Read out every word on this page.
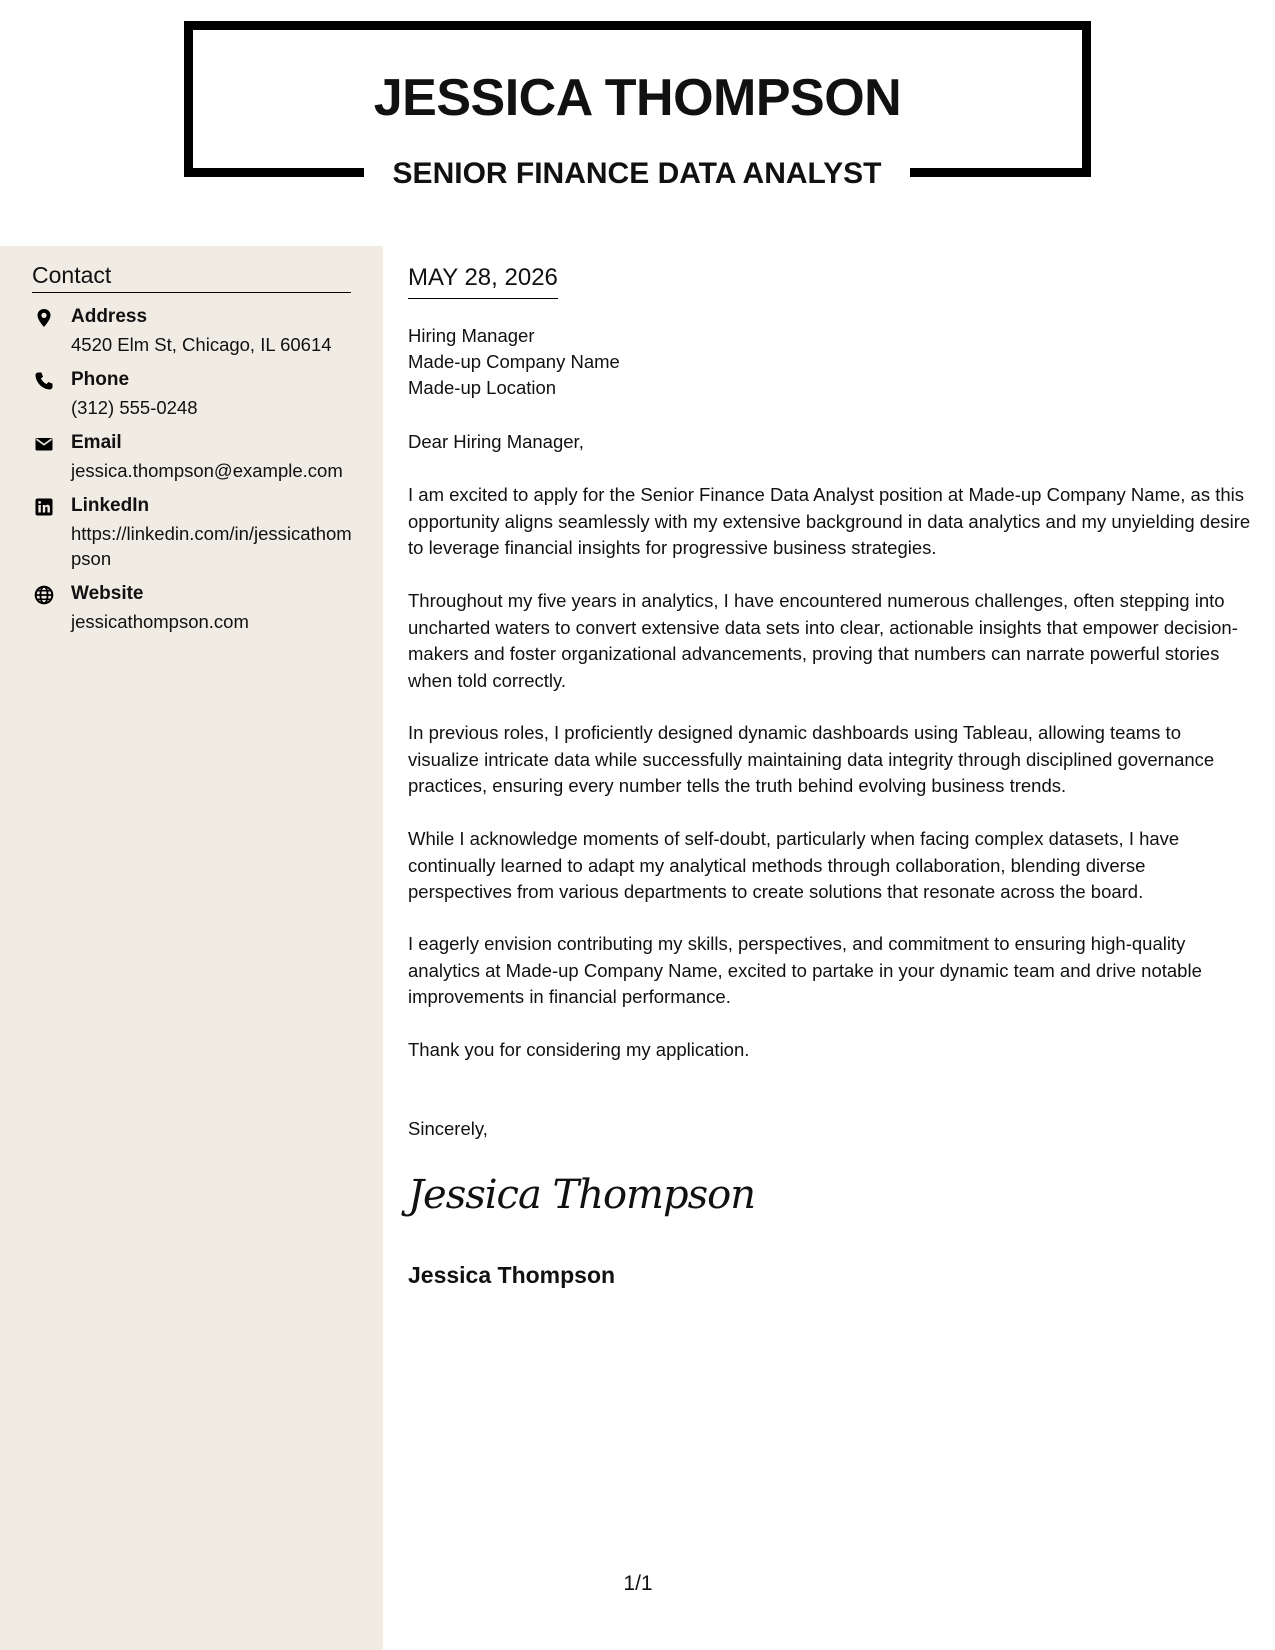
JESSICA THOMPSON
SENIOR FINANCE DATA ANALYST
Contact
Address
4520 Elm St, Chicago, IL 60614
Phone
(312) 555-0248
Email
jessica.thompson@example.com
LinkedIn
https://linkedin.com/in/jessicathompson
Website
jessicathompson.com
MAY 28, 2026
Hiring Manager
Made-up Company Name
Made-up Location
Dear Hiring Manager,

I am excited to apply for the Senior Finance Data Analyst position at Made-up Company Name, as this opportunity aligns seamlessly with my extensive background in data analytics and my unyielding desire to leverage financial insights for progressive business strategies.

Throughout my five years in analytics, I have encountered numerous challenges, often stepping into uncharted waters to convert extensive data sets into clear, actionable insights that empower decision-makers and foster organizational advancements, proving that numbers can narrate powerful stories when told correctly.

In previous roles, I proficiently designed dynamic dashboards using Tableau, allowing teams to visualize intricate data while successfully maintaining data integrity through disciplined governance practices, ensuring every number tells the truth behind evolving business trends.

While I acknowledge moments of self-doubt, particularly when facing complex datasets, I have continually learned to adapt my analytical methods through collaboration, blending diverse perspectives from various departments to create solutions that resonate across the board.

I eagerly envision contributing my skills, perspectives, and commitment to ensuring high-quality analytics at Made-up Company Name, excited to partake in your dynamic team and drive notable improvements in financial performance.

Thank you for considering my application.
Sincerely,
Jessica Thompson
Jessica Thompson
1/1
